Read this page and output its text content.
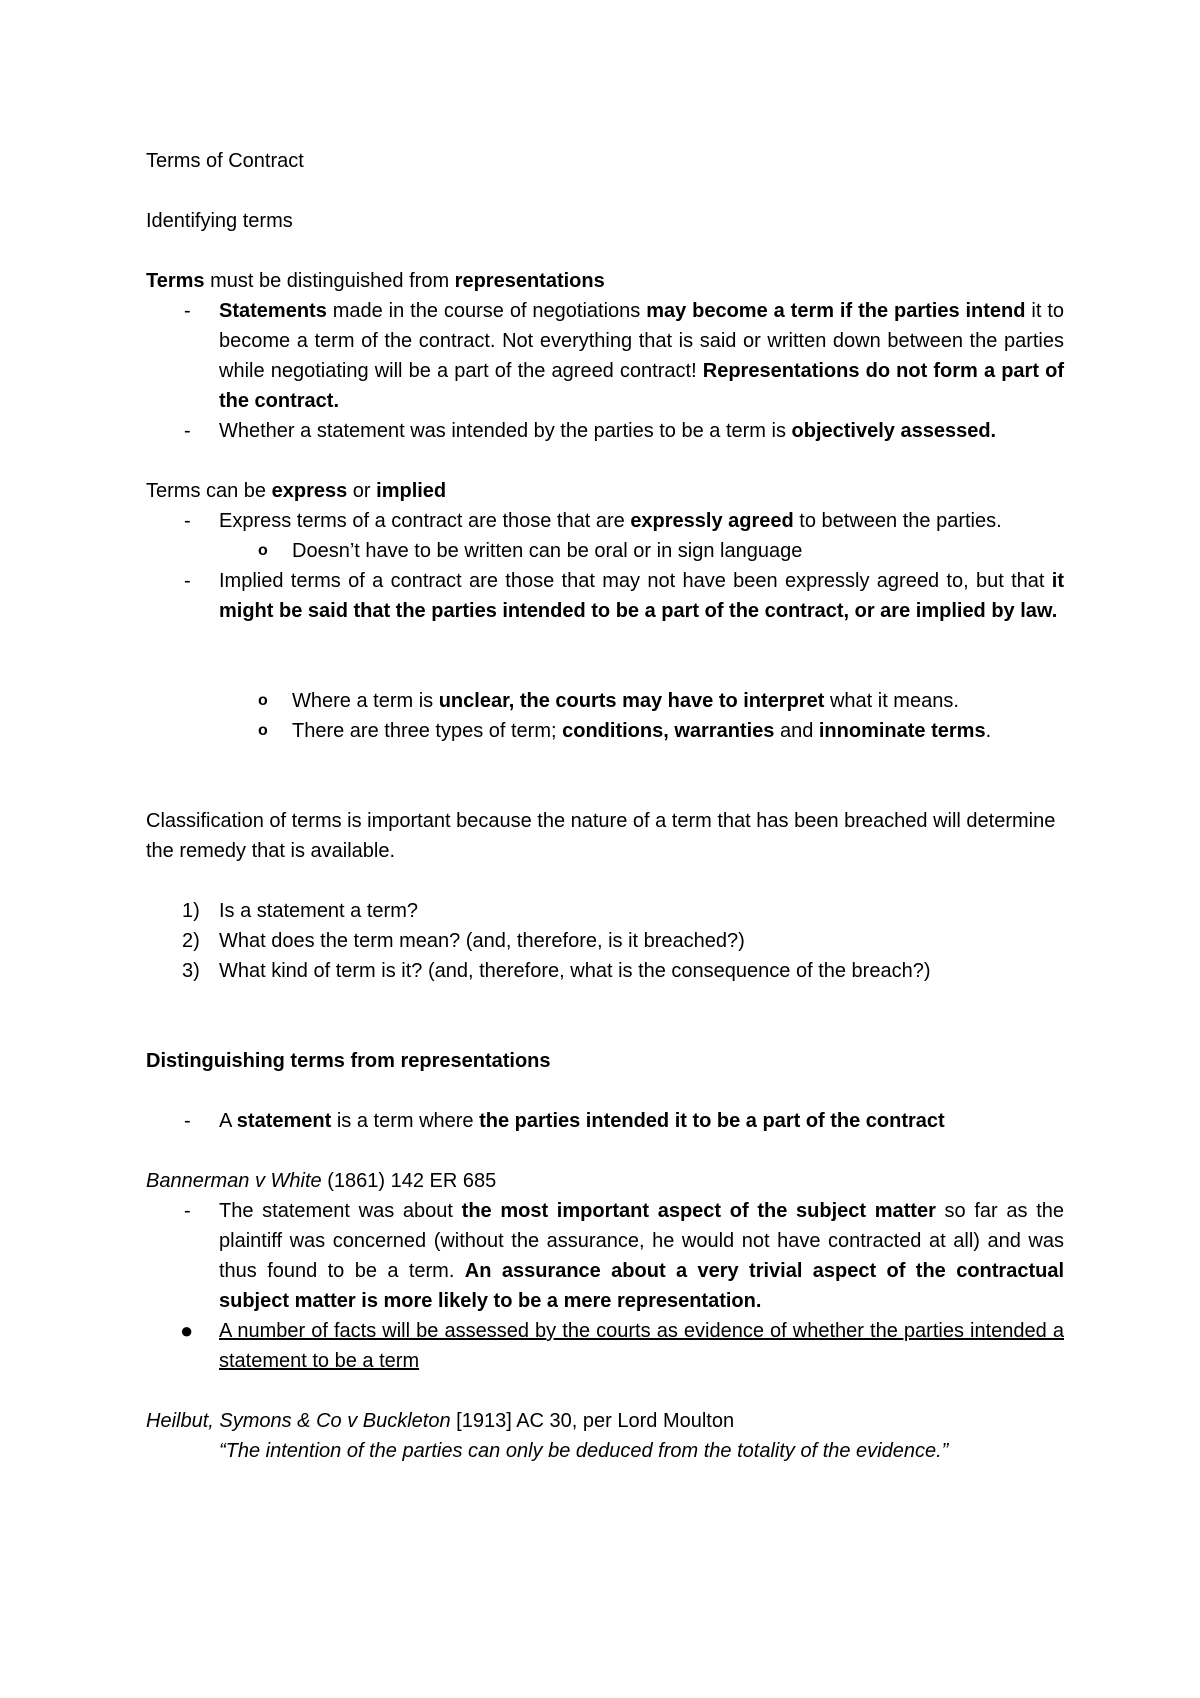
Terms of Contract

Identifying terms

Terms must be distinguished from representations

- Statements made in the course of negotiations may become a term if the parties intend it to become a term of the contract. Not everything that is said or written down between the parties while negotiating will be a part of the agreed contract! Representations do not form a part of the contract.
- Whether a statement was intended by the parties to be a term is objectively assessed.

Terms can be express or implied

- Express terms of a contract are those that are expressly agreed to between the parties.
o Doesn’t have to be written can be oral or in sign language
- Implied terms of a contract are those that may not have been expressly agreed to, but that it might be said that the parties intended to be a part of the contract, or are implied by law.
o Where a term is unclear, the courts may have to interpret what it means.
o There are three types of term; conditions, warranties and innominate terms.

Classification of terms is important because the nature of a term that has been breached will determine the remedy that is available.

1) Is a statement a term?
2) What does the term mean? (and, therefore, is it breached?)
3) What kind of term is it? (and, therefore, what is the consequence of the breach?)

Distinguishing terms from representations

- A statement is a term where the parties intended it to be a part of the contract

Bannerman v White (1861) 142 ER 685

- The statement was about the most important aspect of the subject matter so far as the plaintiff was concerned (without the assurance, he would not have contracted at all) and was thus found to be a term. An assurance about a very trivial aspect of the contractual subject matter is more likely to be a mere representation.
● A number of facts will be assessed by the courts as evidence of whether the parties intended a statement to be a term

Heilbut, Symons & Co v Buckleton [1913] AC 30, per Lord Moulton

“The intention of the parties can only be deduced from the totality of the evidence.”
